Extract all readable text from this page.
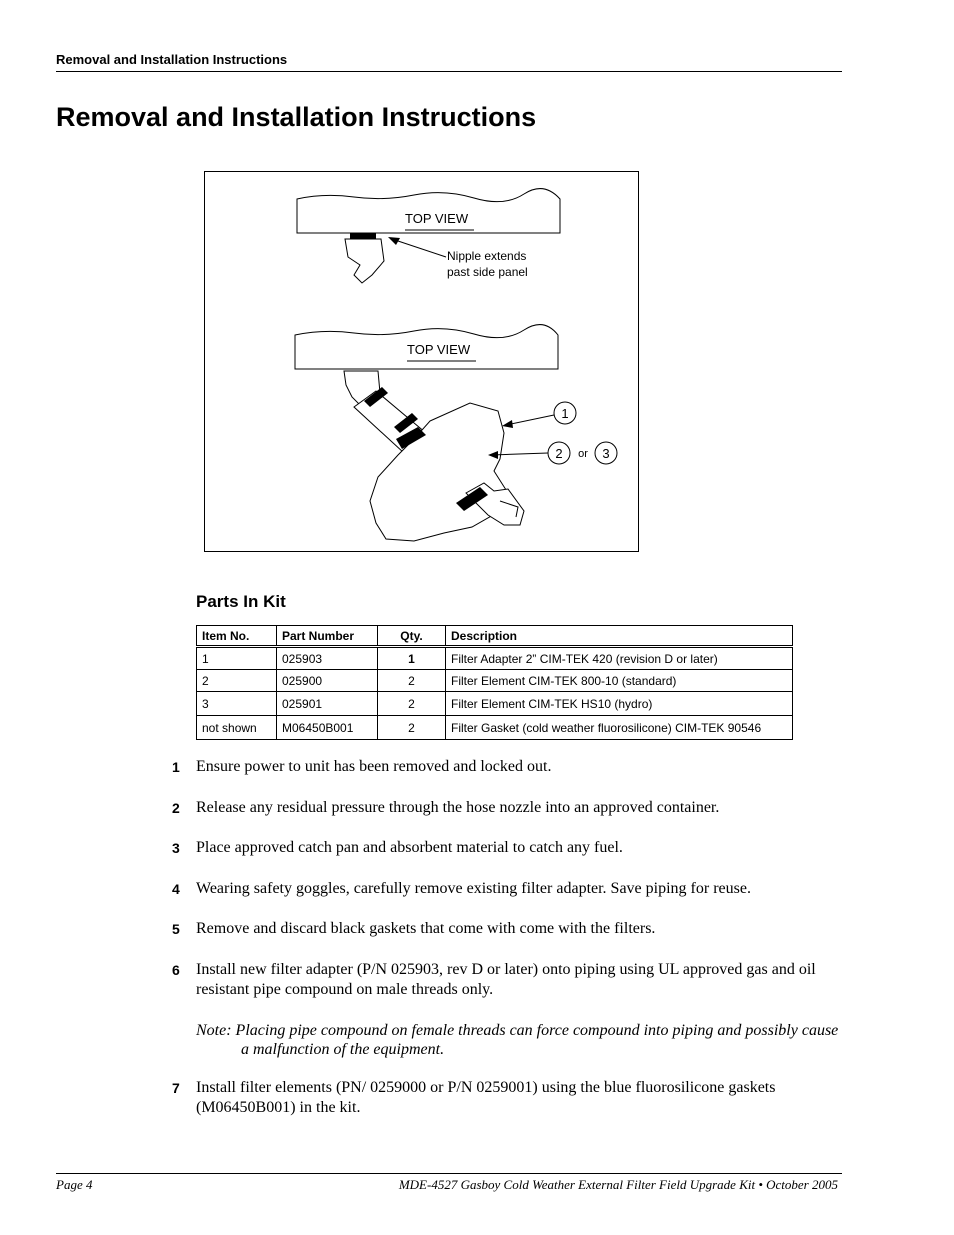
Removal and Installation Instructions
Removal and Installation Instructions
TOP VIEW
Nipple extends
past side panel
TOP VIEW
1
2 or 3
Parts In Kit
Item No.	Part Number	Qty.	Description
1	025903	1	Filter Adapter 2” CIM-TEK 420 (revision D or later)
2	025900	2	Filter Element CIM-TEK 800-10 (standard)
3	025901	2	Filter Element CIM-TEK HS10 (hydro)
not shown	M06450B001	2	Filter Gasket (cold weather fluorosilicone) CIM-TEK 90546
1 Ensure power to unit has been removed and locked out.
2 Release any residual pressure through the hose nozzle into an approved container.
3 Place approved catch pan and absorbent material to catch any fuel.
4 Wearing safety goggles, carefully remove existing filter adapter. Save piping for reuse.
5 Remove and discard black gaskets that come with come with the filters.
6 Install new filter adapter (P/N 025903, rev D or later) onto piping using UL approved gas and oil resistant pipe compound on male threads only.
7 Install filter elements (PN/ 0259000 or P/N 0259001) using the blue fluorosilicone gaskets (M06450B001) in the kit.
Note: Placing pipe compound on female threads can force compound into piping and possibly cause a malfunction of the equipment.
Page 4	MDE-4527 Gasboy Cold Weather External Filter Field Upgrade Kit • October 2005
